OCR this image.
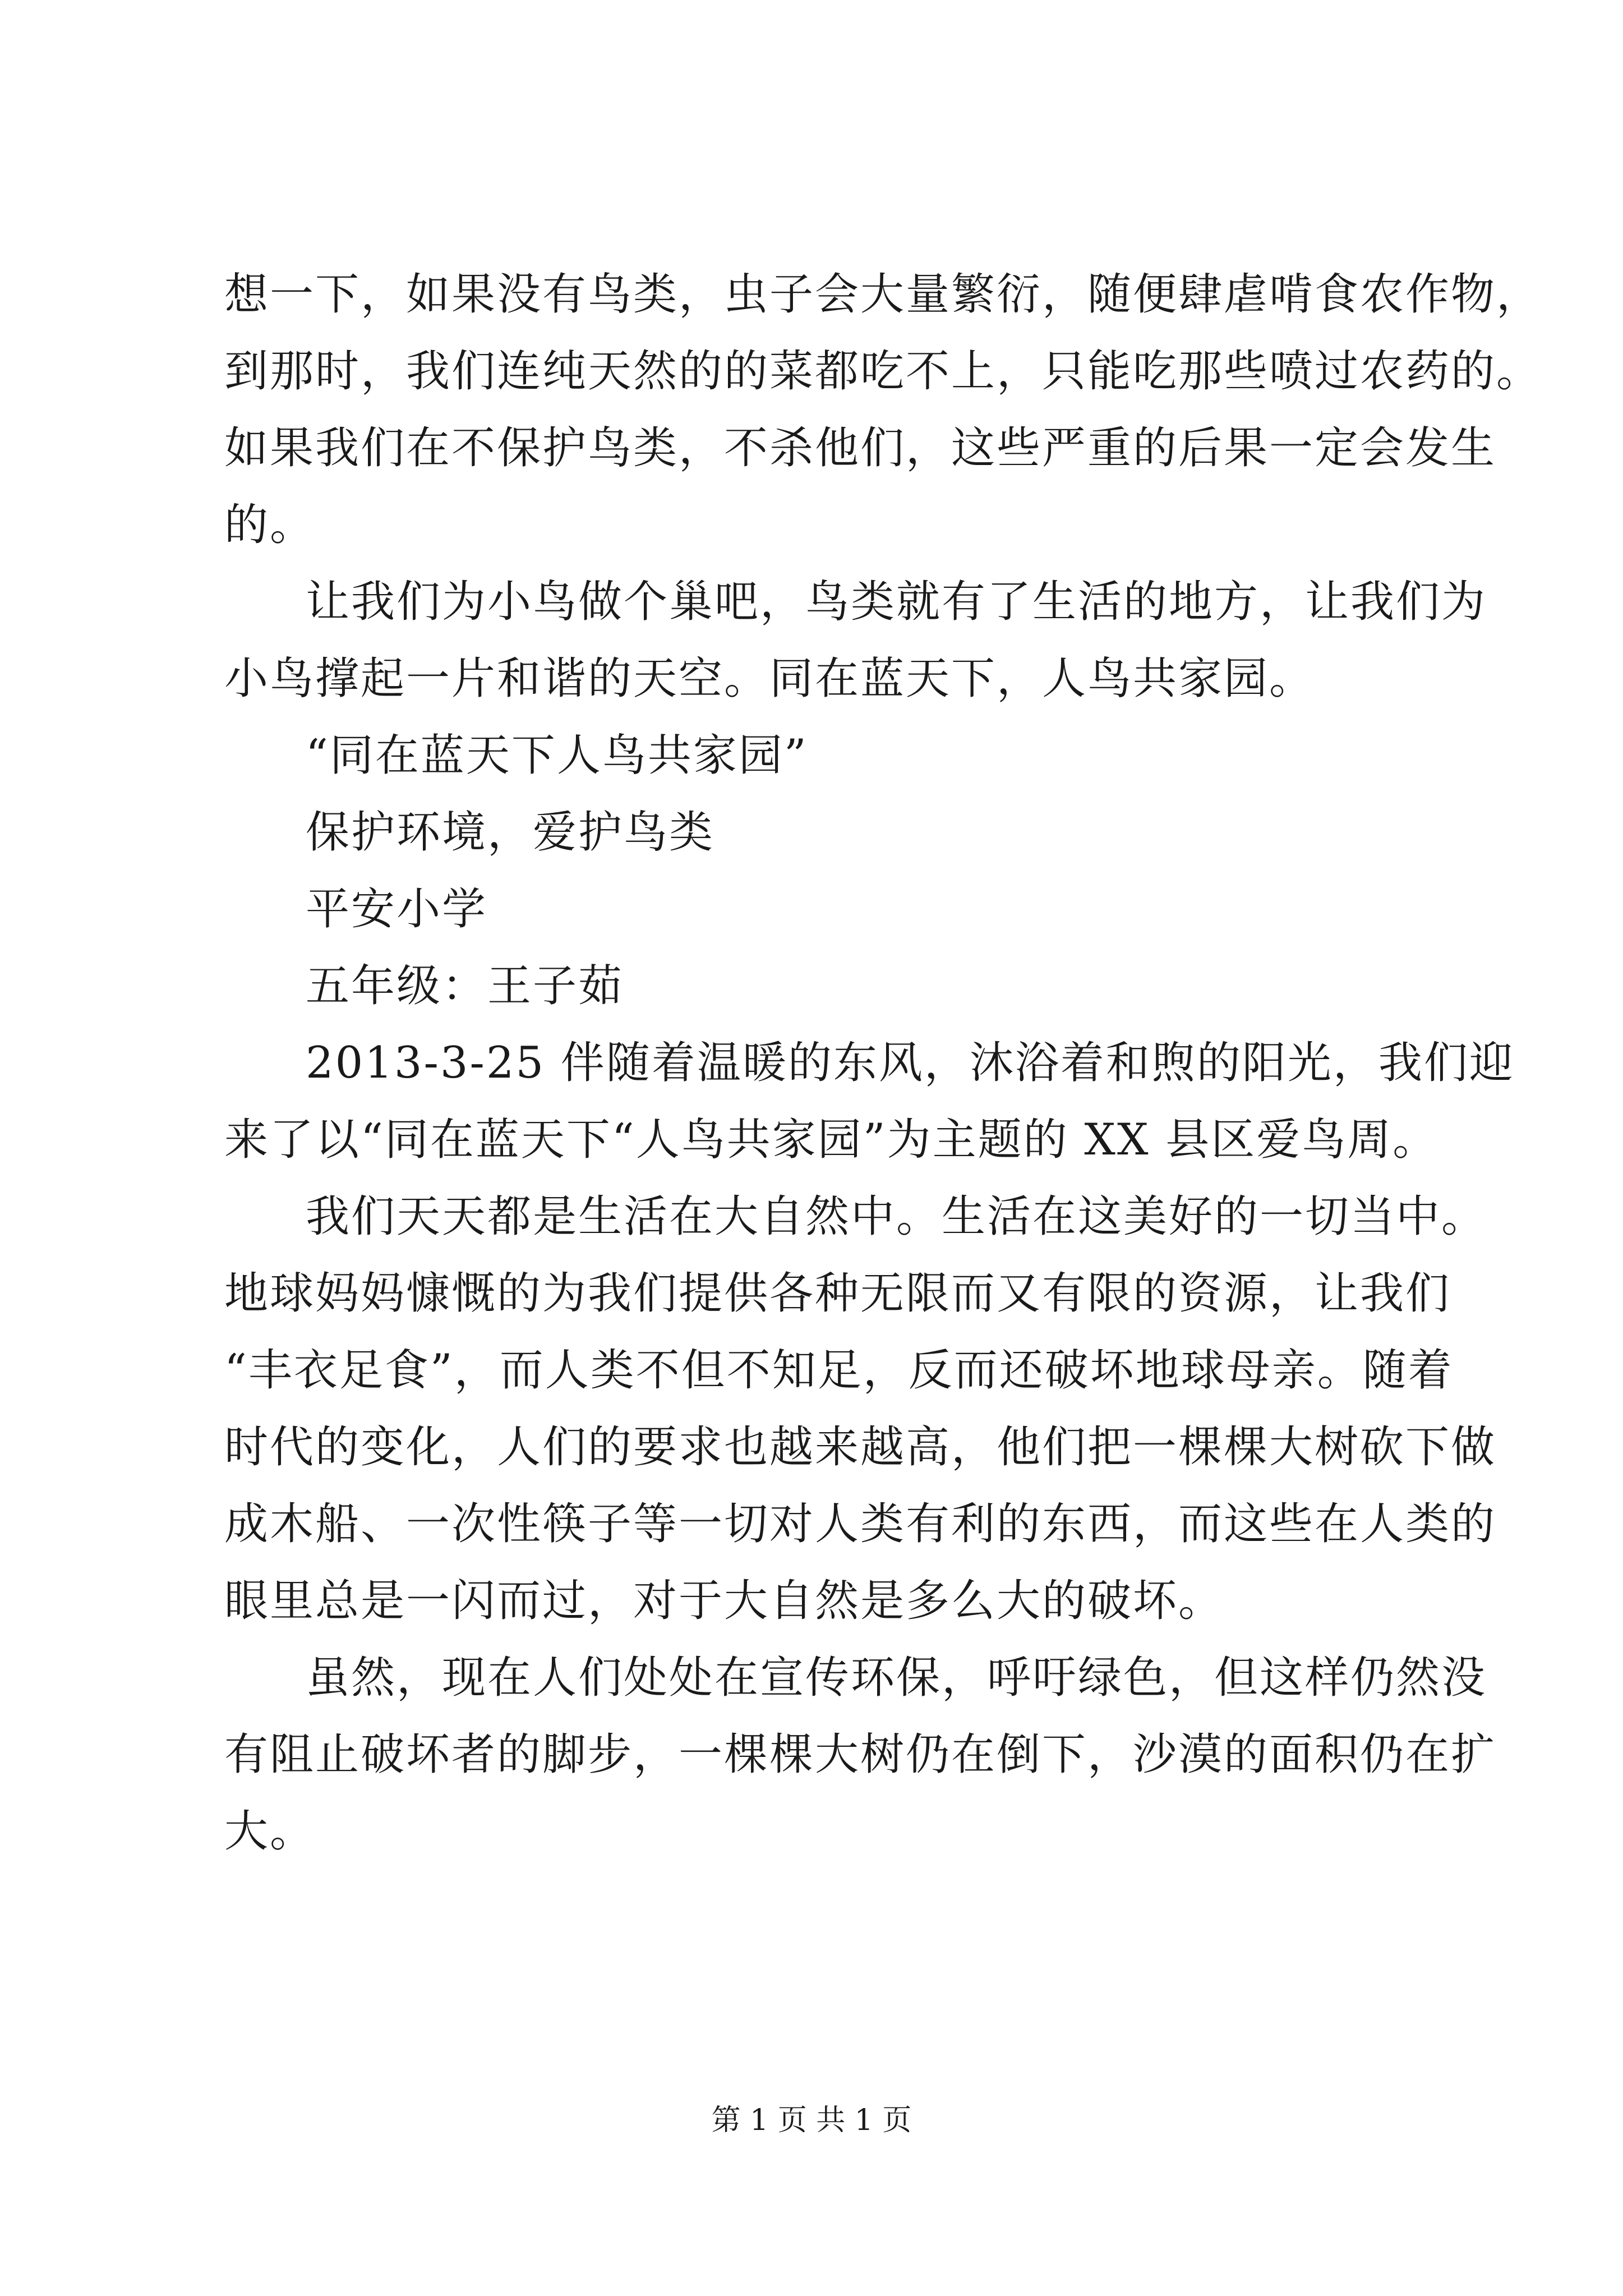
想一下，如果没有鸟类，虫子会大量繁衍，随便肆虐啃食农作物，
到那时，我们连纯天然的的菜都吃不上，只能吃那些喷过农药的。
如果我们在不保护鸟类，不杀他们，这些严重的后果一定会发生
的。
让我们为小鸟做个巢吧，鸟类就有了生活的地方，让我们为
小鸟撑起一片和谐的天空。同在蓝天下，人鸟共家园。
“同在蓝天下人鸟共家园”
保护环境，爱护鸟类
平安小学
五年级：王子茹
2013-3-25 伴随着温暖的东风，沐浴着和煦的阳光，我们迎
来了以“同在蓝天下“人鸟共家园”为主题的 XX 县区爱鸟周。
我们天天都是生活在大自然中。生活在这美好的一切当中。
地球妈妈慷慨的为我们提供各种无限而又有限的资源，让我们
“丰衣足食”，而人类不但不知足，反而还破坏地球母亲。随着
时代的变化，人们的要求也越来越高，他们把一棵棵大树砍下做
成木船、一次性筷子等一切对人类有利的东西，而这些在人类的
眼里总是一闪而过，对于大自然是多么大的破坏。
虽然，现在人们处处在宣传环保，呼吁绿色，但这样仍然没
有阻止破坏者的脚步，一棵棵大树仍在倒下，沙漠的面积仍在扩
大。
第 1 页 共 1 页
